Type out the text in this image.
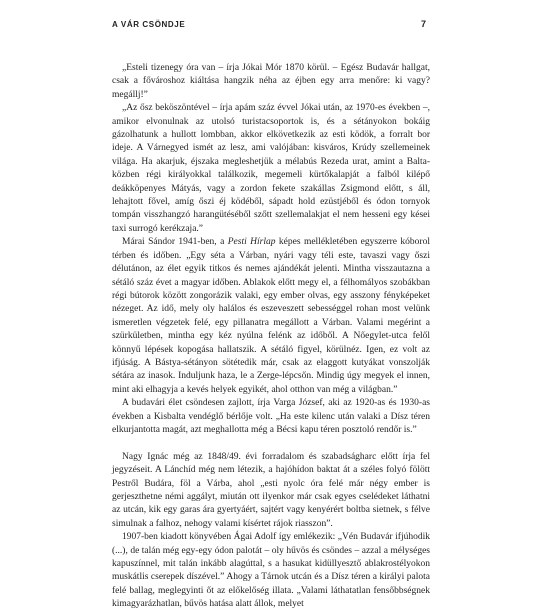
A VÁR CSÖNDJE	7

„Esteli tizenegy óra van – írja Jókai Mór 1870 körül. – Egész Budavár hallgat, csak a fővároshoz kiáltása hangzik néha az éjben egy arra menőre: ki vagy? megállj!”

„Az ősz beköszöntével – írja apám száz évvel Jókai után, az 1970-es években –, amikor elvonulnak az utolsó turistacsoportok is, és a sétányokon bokáig gázolhatunk a hullott lombban, akkor elkövetkezik az esti ködök, a forralt bor ideje. A Várnegyed ismét az lesz, ami valójában: kisváros, Krúdy szellemeinek világa. Ha akarjuk, éjszaka megleshetjük a mélabús Rezeda urat, amint a Balta-közben régi királyokkal találkozik, megemeli kürtőkalapját a falból kilépő deákköpenyes Mátyás, vagy a zordon fekete szakállas Zsigmond előtt, s áll, lehajtott fővel, amíg őszi éj ködéből, sápadt hold ezüstjéből és ódon tornyok tompán visszhangzó harangütéséből szőtt szellemalakjat el nem hesseni egy kései taxi surrogó kerékzaja.”

Márai Sándor 1941-ben, a Pesti Hírlap képes mellékletében egyszerre kóborol térben és időben. „Egy séta a Várban, nyári vagy téli este, tavaszi vagy őszi délutánon, az élet egyik titkos és nemes ajándékát jelenti. Mintha visszautazna a sétáló száz évet a magyar időben. Ablakok előtt megy el, a félhomályos szobákban régi bútorok között zongorázik valaki, egy ember olvas, egy asszony fényképeket nézeget. Az idő, mely oly halálos és eszeveszett sebességgel rohan most velünk ismeretlen végzetek felé, egy pillanatra megállott a Várban. Valami megérint a szürkületben, mintha egy kéz nyúlna felénk az időből. A Nőegylet-utca felől könnyű lépések kopogása hallatszik. A sétáló figyel, körülnéz. Igen, ez volt az ifjúság. A Bástya-sétányon sötétedik már, csak az elaggott kutyákat vonszolják sétára az inasok. Induljunk haza, le a Zerge-lépcsőn. Mindig úgy megyek el innen, mint aki elhagyja a kevés helyek egyikét, ahol otthon van még a világban.”

A budavári élet csöndesen zajlott, írja Varga József, aki az 1920-as és 1930-as években a Kisbalta vendéglő bérlője volt. „Ha este kilenc után valaki a Dísz téren elkurjantotta magát, azt meghallotta még a Bécsi kapu téren posztoló rendőr is.”

Nagy Ignác még az 1848/49. évi forradalom és szabadságharc előtt írja fel jegyzéseit. A Lánchíd még nem létezik, a hajóhídon baktat át a széles folyó fölött Pestről Budára, föl a Várba, ahol „esti nyolc óra felé már négy ember is gerjeszthetne némi aggályt, miután ott ilyenkor már csak egyes cselédeket láthatni az utcán, kik egy garas ára gyertyáért, sajtért vagy kenyérért boltba sietnek, s félve simulnak a falhoz, nehogy valami kísértet rájok riasszon”.

1907-ben kiadott könyvében Ágai Adolf így emlékezik: „Vén Budavár ifjúhodik (...), de talán még egy-egy ódon palotát – oly hűvös és csöndes – azzal a mélységes kapuszínnel, mit talán inkább alagúttal, s a hasukat kidüllyesztő ablakrostélyokon muskátlis cserepek díszével.” Ahogy a Tárnok utcán és a Dísz téren a királyi palota felé ballag, meglegyinti őt az előkelőség illata. „Valami láthatatlan fensőbbségnek kimagyarázhatlan, bűvös hatása alatt állok, melyet
